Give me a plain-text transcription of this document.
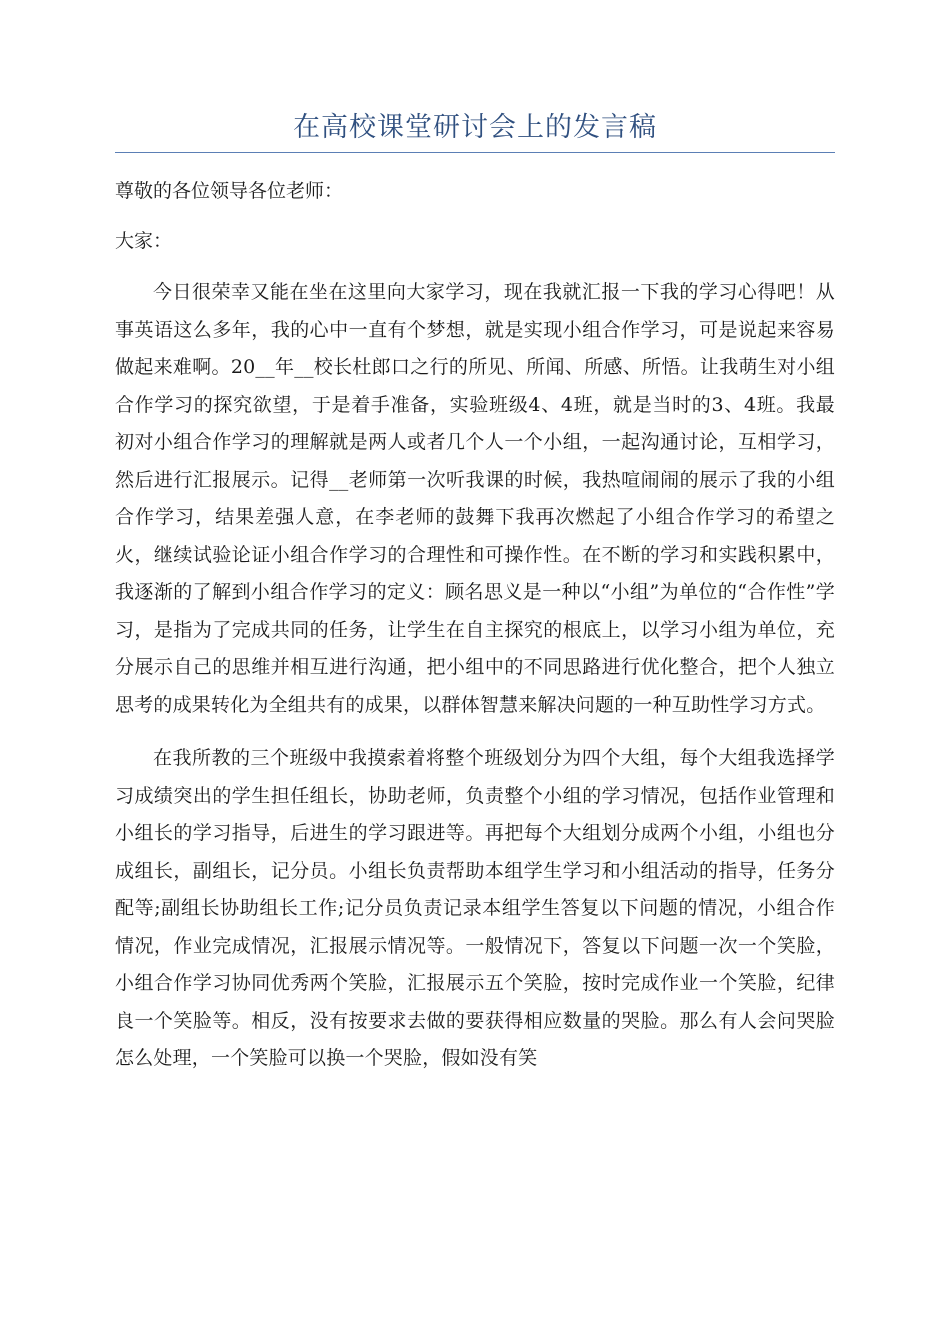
在高校课堂研讨会上的发言稿

尊敬的各位领导各位老师：

大家：

今日很荣幸又能在坐在这里向大家学习，现在我就汇报一下我的学习心得吧！从事英语这么多年，我的心中一直有个梦想，就是实现小组合作学习，可是说起来容易做起来难啊。20__年__校长杜郎口之行的所见、所闻、所感、所悟。让我萌生对小组合作学习的探究欲望，于是着手准备，实验班级4、4班，就是当时的3、4班。我最初对小组合作学习的理解就是两人或者几个人一个小组，一起沟通讨论，互相学习，然后进行汇报展示。记得__老师第一次听我课的时候，我热喧闹闹的展示了我的小组合作学习，结果差强人意，在李老师的鼓舞下我再次燃起了小组合作学习的希望之火，继续试验论证小组合作学习的合理性和可操作性。在不断的学习和实践积累中，我逐渐的了解到小组合作学习的定义：顾名思义是一种以“小组”为单位的“合作性”学习，是指为了完成共同的任务，让学生在自主探究的根底上，以学习小组为单位，充分展示自己的思维并相互进行沟通，把小组中的不同思路进行优化整合，把个人独立思考的成果转化为全组共有的成果，以群体智慧来解决问题的一种互助性学习方式。

在我所教的三个班级中我摸索着将整个班级划分为四个大组，每个大组我选择学习成绩突出的学生担任组长，协助老师，负责整个小组的学习情况，包括作业管理和小组长的学习指导，后进生的学习跟进等。再把每个大组划分成两个小组，小组也分成组长，副组长，记分员。小组长负责帮助本组学生学习和小组活动的指导，任务分配等;副组长协助组长工作;记分员负责记录本组学生答复以下问题的情况，小组合作情况，作业完成情况，汇报展示情况等。一般情况下，答复以下问题一次一个笑脸，小组合作学习协同优秀两个笑脸，汇报展示五个笑脸，按时完成作业一个笑脸，纪律良一个笑脸等。相反，没有按要求去做的要获得相应数量的哭脸。那么有人会问哭脸怎么处理，一个笑脸可以换一个哭脸，假如没有笑
